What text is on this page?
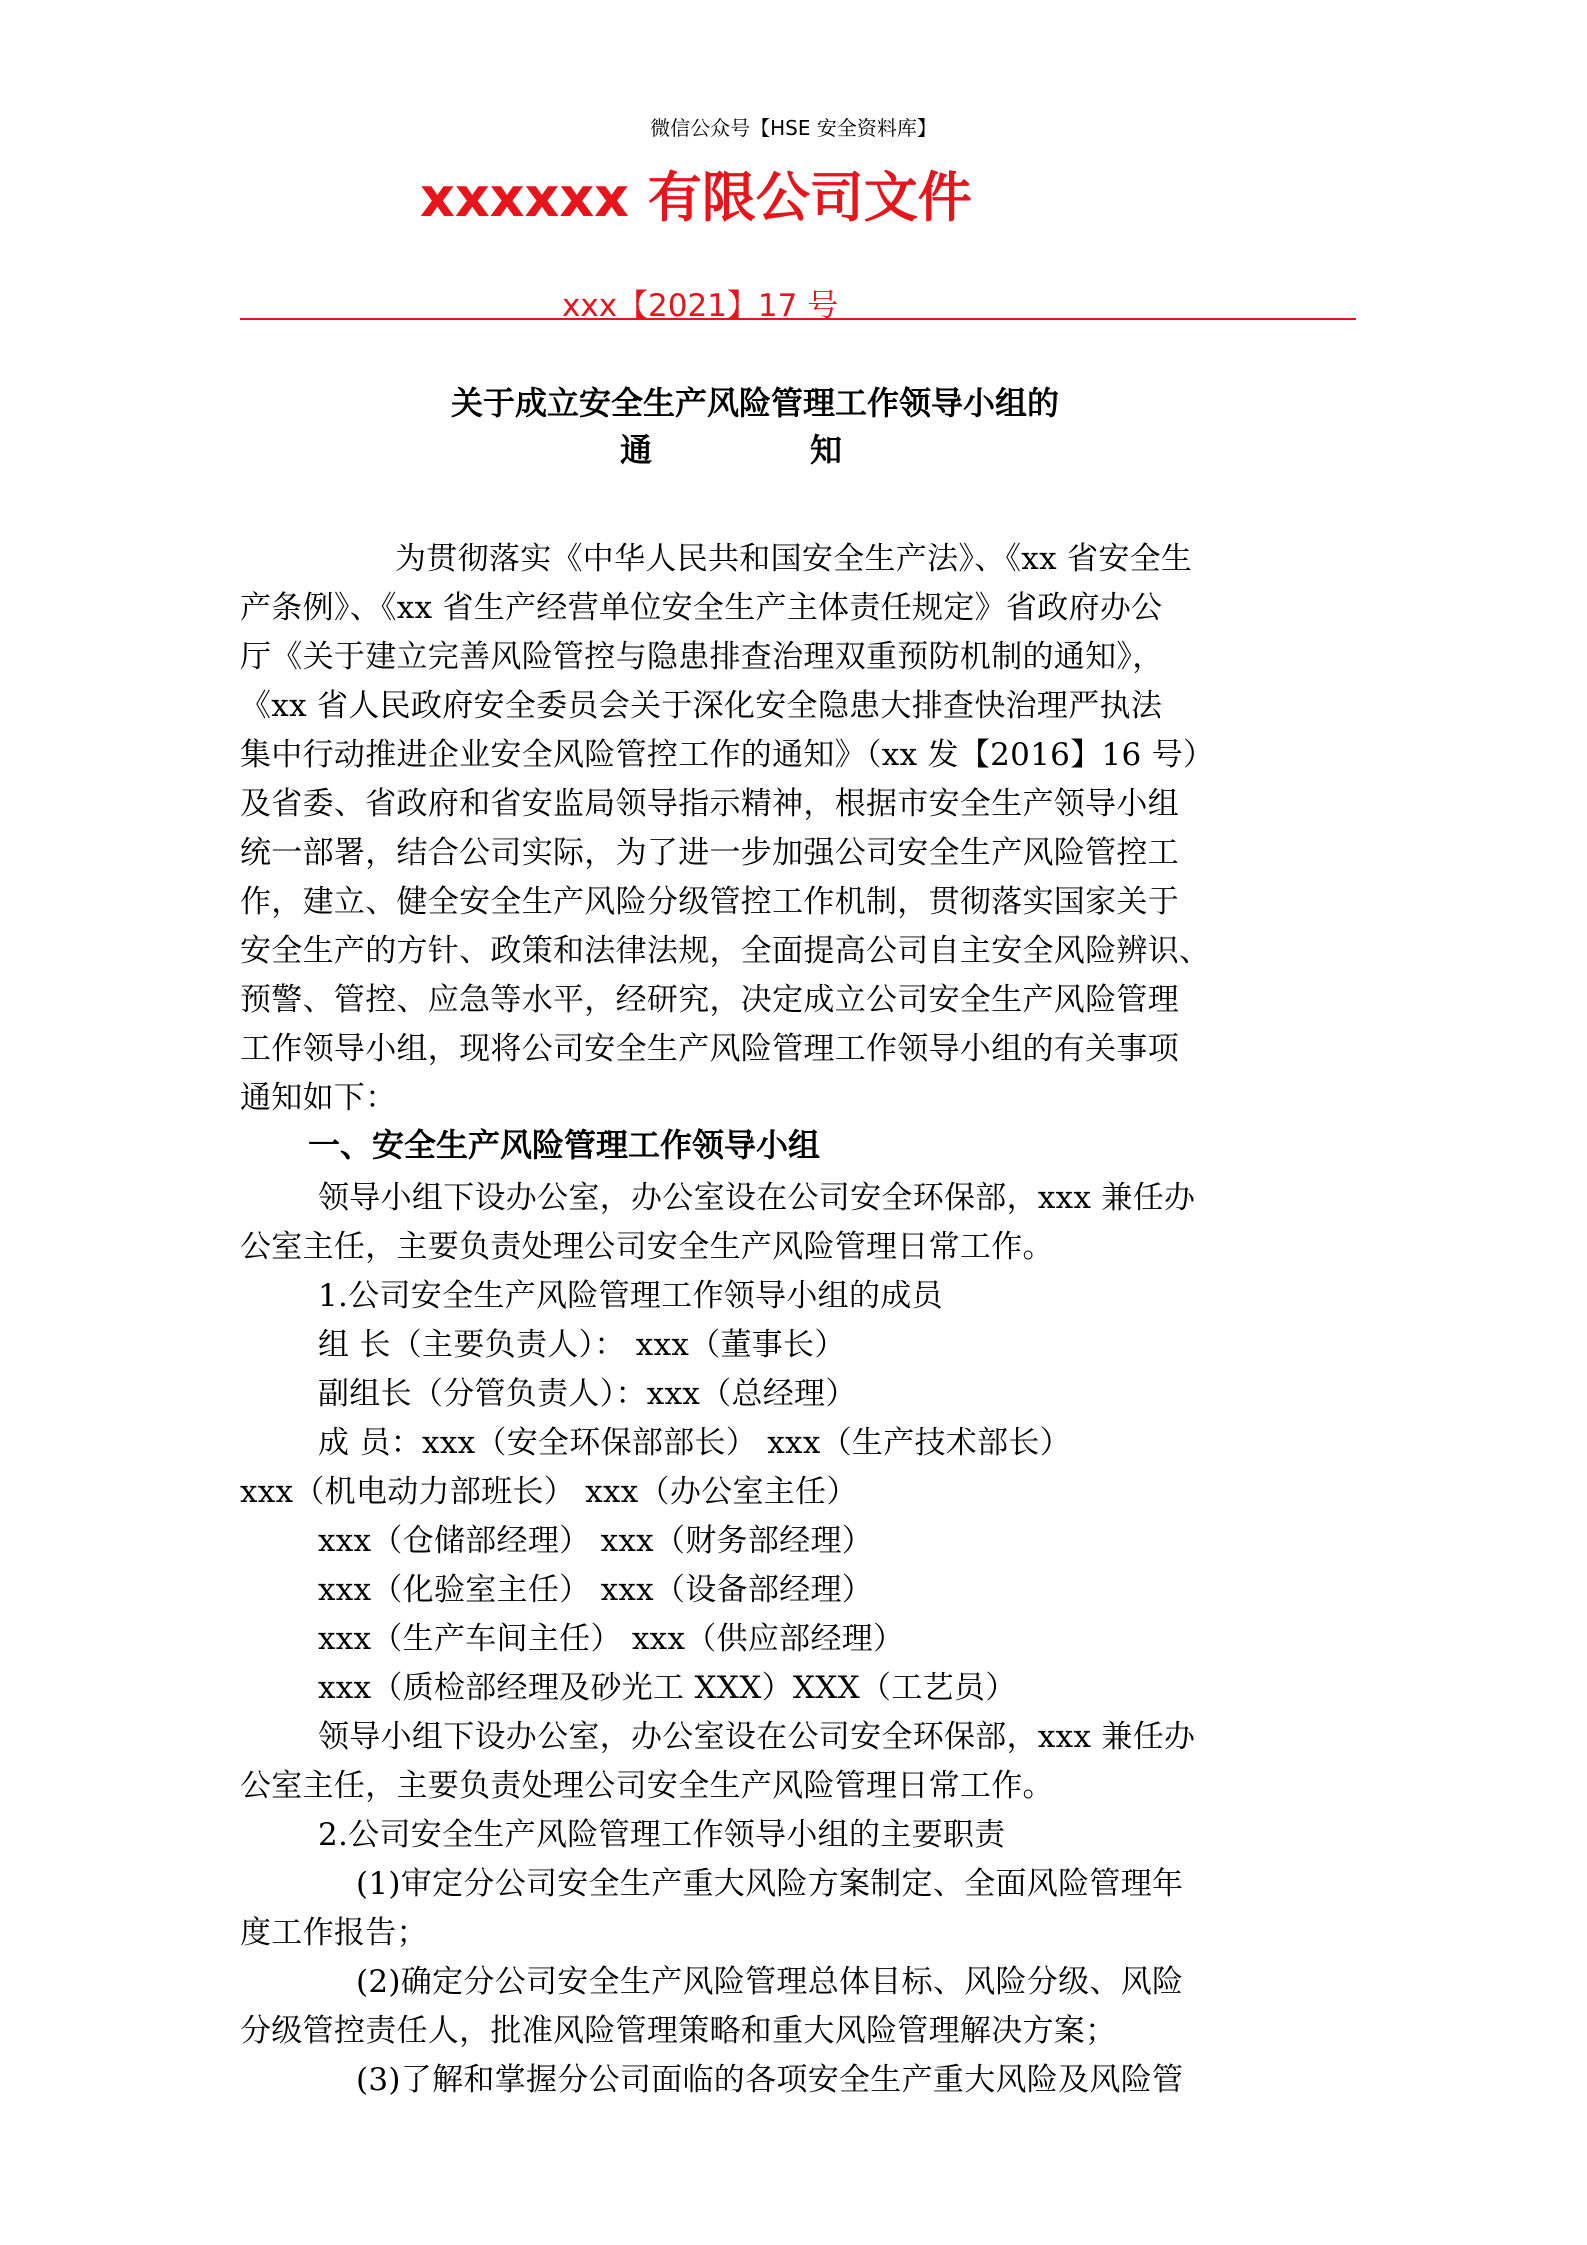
微信公众号【HSE 安全资料库】
xxxxxx 有限公司文件
xxx【2021】17 号
关于成立安全生产风险管理工作领导小组的
通	知
为贯彻落实《中华人民共和国安全生产法》、《xx 省安全生
产条例》、《xx 省生产经营单位安全生产主体责任规定》省政府办公
厅《关于建立完善风险管控与隐患排查治理双重预防机制的通知》，
《xx 省人民政府安全委员会关于深化安全隐患大排查快治理严执法
集中行动推进企业安全风险管控工作的通知》（xx 发【2016】16 号）
及省委、省政府和省安监局领导指示精神，根据市安全生产领导小组
统一部署，结合公司实际，为了进一步加强公司安全生产风险管控工
作，建立、健全安全生产风险分级管控工作机制，贯彻落实国家关于
安全生产的方针、政策和法律法规，全面提高公司自主安全风险辨识、
预警、管控、应急等水平，经研究，决定成立公司安全生产风险管理
工作领导小组，现将公司安全生产风险管理工作领导小组的有关事项
通知如下：
一、安全生产风险管理工作领导小组
领导小组下设办公室，办公室设在公司安全环保部，xxx 兼任办
公室主任，主要负责处理公司安全生产风险管理日常工作。
1.公司安全生产风险管理工作领导小组的成员
组 长（主要负责人）： xxx（董事长）
副组长（分管负责人）：xxx（总经理）
成 员：xxx（安全环保部部长） xxx（生产技术部长）
xxx（机电动力部班长） xxx（办公室主任）
xxx（仓储部经理） xxx（财务部经理）
xxx（化验室主任） xxx（设备部经理）
xxx（生产车间主任） xxx（供应部经理）
xxx（质检部经理及砂光工 XXX）XXX（工艺员）
领导小组下设办公室，办公室设在公司安全环保部，xxx 兼任办
公室主任，主要负责处理公司安全生产风险管理日常工作。
2.公司安全生产风险管理工作领导小组的主要职责
(1)审定分公司安全生产重大风险方案制定、全面风险管理年
度工作报告；
(2)确定分公司安全生产风险管理总体目标、风险分级、风险
分级管控责任人，批准风险管理策略和重大风险管理解决方案；
(3)了解和掌握分公司面临的各项安全生产重大风险及风险管
